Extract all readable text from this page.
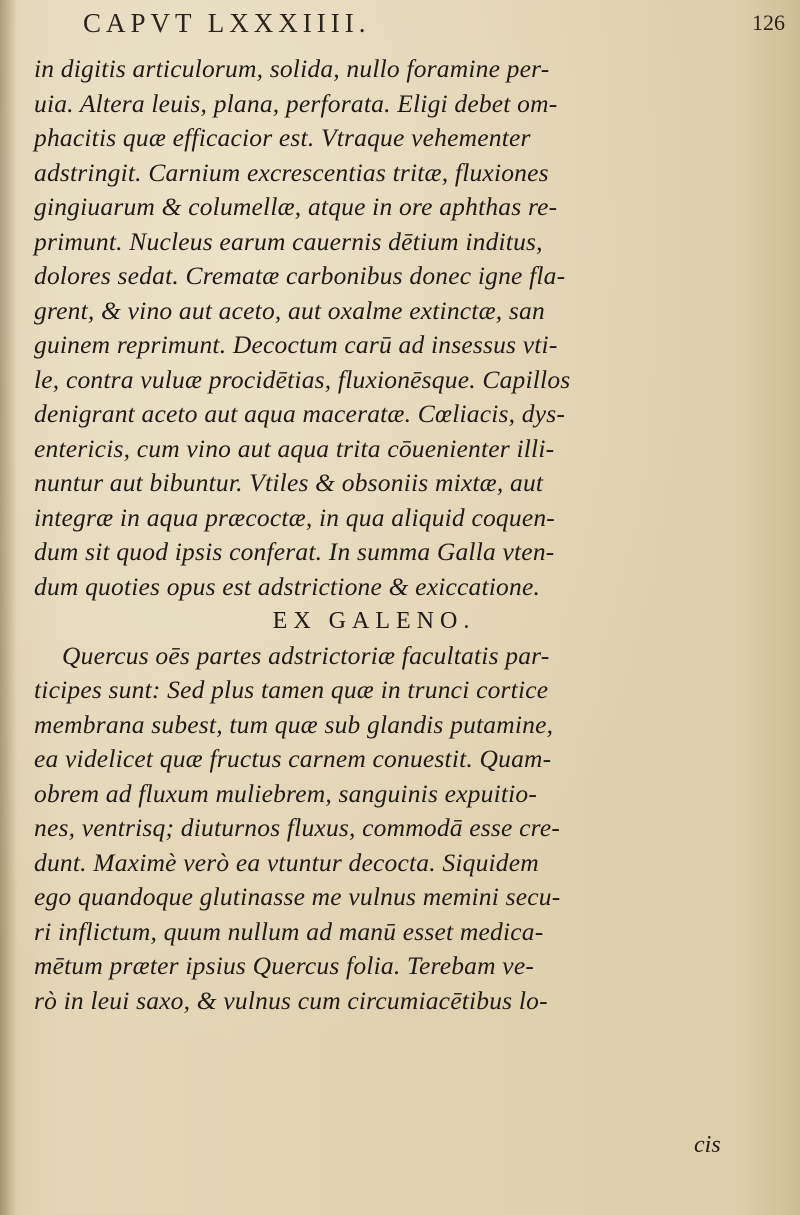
CAPVT LXXXIIII.	126
in digitis articulorum, solida, nullo foramine per-
uia. Altera leuis, plana, perforata. Eligi debet om-
phacitis quæ efficacior est. Vtraque vehementer
adstringit. Carnium excrescentias tritæ, fluxiones
gingiuarum & columellæ, atque in ore aphthas re-
primunt. Nucleus earum cauernis dētium inditus,
dolores sedat. Crematæ carbonibus donec igne fla-
grent, & vino aut aceto, aut oxalme extinctæ, san
guinem reprimunt. Decoctum carū ad insessus vti-
le, contra vuluæ procidētias, fluxionēsque. Capillos
denigrant aceto aut aqua maceratæ. Cœliacis, dys-
entericis, cum vino aut aqua trita cōuenienter illi-
nuntur aut bibuntur. Vtiles & obsoniis mixtæ, aut
integræ in aqua præcoctæ, in qua aliquid coquen-
dum sit quod ipsis conferat. In summa Galla vten-
dum quoties opus est adstrictione & exiccatione.
EX GALENO.
Quercus oēs partes adstrictoriæ facultatis par-
ticipes sunt: Sed plus tamen quæ in trunci cortice
membrana subest, tum quæ sub glandis putamine,
ea videlicet quæ fructus carnem conuestit. Quam-
obrem ad fluxum muliebrem, sanguinis expuitio-
nes, ventrisq; diuturnos fluxus, commodā esse cre-
dunt. Maximè verò ea vtuntur decocta. Siquidem
ego quandoque glutinasse me vulnus memini secu-
ri inflictum, quum nullum ad manū esset medica-
mētum præter ipsius Quercus folia. Terebam ve-
rò in leui saxo, & vulnus cum circumiacētibus lo-
cis
